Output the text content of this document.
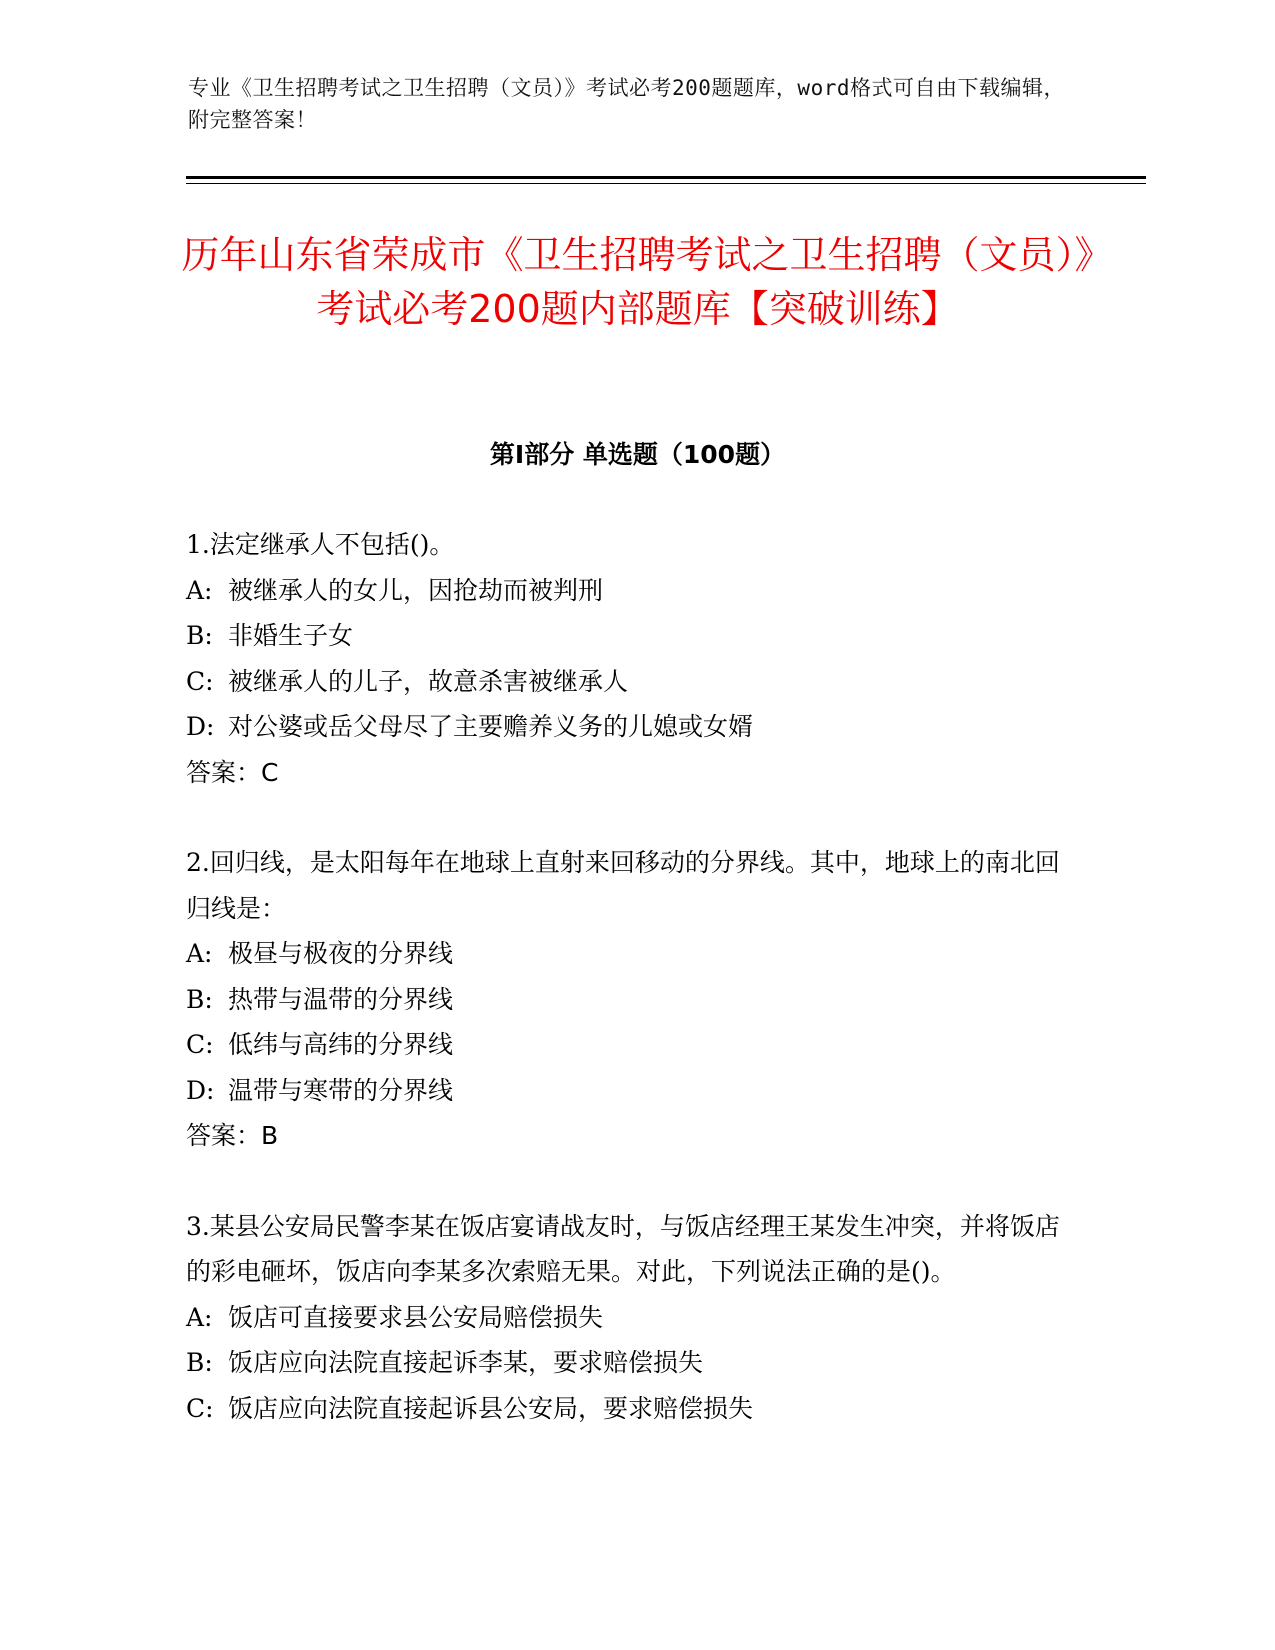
专业《卫生招聘考试之卫生招聘（文员）》考试必考200题题库，word格式可自由下载编辑，附完整答案！
历年山东省荣成市《卫生招聘考试之卫生招聘（文员）》考试必考200题内部题库【突破训练】
第Ⅰ部分 单选题（100题）

1.法定继承人不包括()。

A: 被继承人的女儿，因抢劫而被判刑

B: 非婚生子女

C: 被继承人的儿子，故意杀害被继承人

D: 对公婆或岳父母尽了主要赡养义务的儿媳或女婿

答案：C

2.回归线，是太阳每年在地球上直射来回移动的分界线。其中，地球上的南北回归线是：

A: 极昼与极夜的分界线

B: 热带与温带的分界线

C: 低纬与高纬的分界线

D: 温带与寒带的分界线

答案：B

3.某县公安局民警李某在饭店宴请战友时，与饭店经理王某发生冲突，并将饭店的彩电砸坏，饭店向李某多次索赔无果。对此，下列说法正确的是()。

A: 饭店可直接要求县公安局赔偿损失

B: 饭店应向法院直接起诉李某，要求赔偿损失

C: 饭店应向法院直接起诉县公安局，要求赔偿损失
